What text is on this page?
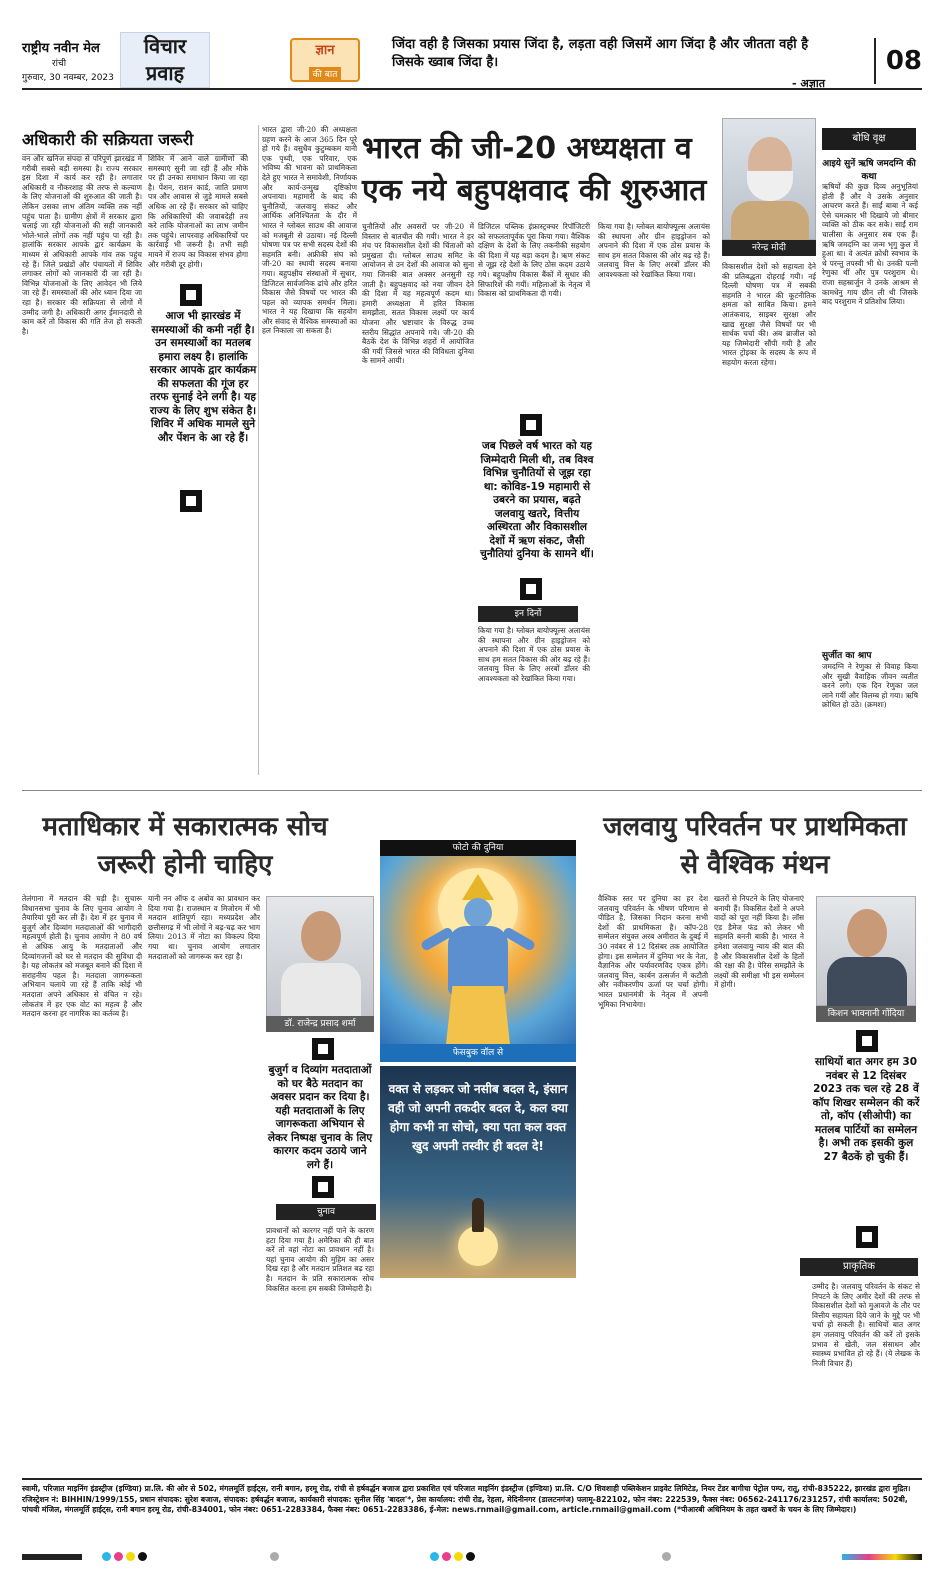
राष्ट्रीय नवीन मेल
रांची
गुरुवार, 30 नवम्बर, 2023
विचार
प्रवाह
ज्ञान
की बात
जिंदा वही है जिसका प्रयास जिंदा है, लड़ता वही जिसमें आग जिंदा है और जीतता वही है जिसके ख्वाब जिंदा है।
- अज्ञात
08
अधिकारी की सक्रियता जरूरी
वन और खनिज संपदा से परिपूर्ण झारखंड में गरीबी सबसे बड़ी समस्या है। राज्य सरकार इस दिशा में कार्य कर रही है। लगातार अधिकारी व नौकरशाह की तरफ से कल्याण के लिए योजनाओं की शुरुआत की जाती है। लेकिन उसका लाभ अंतिम व्यक्ति तक नहीं पहुंच पाता है। ग्रामीण क्षेत्रों में सरकार द्वारा चलाई जा रही योजनाओं की सही जानकारी भोले-भाले लोगों तक नहीं पहुंच पा रही है। हालांकि सरकार आपके द्वार कार्यक्रम के माध्यम से अधिकारी आपके गांव तक पहुंच रहे हैं। जिले प्रखंडों और पंचायतों में शिविर लगाकर लोगों को जानकारी दी जा रही है। विभिन्न योजनाओं के लिए आवेदन भी लिये जा रहे हैं। समस्याओं की ओर ध्यान दिया जा रहा है। सरकार की सक्रियता से लोगों में उम्मीद जगी है। अधिकारी अगर ईमानदारी से काम करें तो विकास की गति तेज हो सकती है।
शिविर में आने वाले ग्रामीणों की समस्याएं सुनी जा रही हैं और मौके पर ही उनका समाधान किया जा रहा है। पेंशन, राशन कार्ड, जाति प्रमाण पत्र और आवास से जुड़े मामले सबसे अधिक आ रहे हैं। सरकार को चाहिए कि अधिकारियों की जवाबदेही तय करे ताकि योजनाओं का लाभ जमीन तक पहुंचे। लापरवाह अधिकारियों पर कार्रवाई भी जरूरी है। तभी सही मायने में राज्य का विकास संभव होगा और गरीबी दूर होगी।
आज भी झारखंड में समस्याओं की कमी नहीं है। उन समस्याओं का मतलब हमारा लक्ष्य है। हालांकि सरकार आपके द्वार कार्यक्रम की सफलता की गूंज हर तरफ सुनाई देने लगी है। यह राज्य के लिए शुभ संकेत है। शिविर में अधिक मामले सुने और पेंशन के आ रहे हैं।
भारत द्वारा जी-20 की अध्यक्षता ग्रहण करने के आज 365 दिन पूरे हो गये हैं। वसुधैव कुटुम्बकम यानी एक पृथ्वी, एक परिवार, एक भविष्य की भावना को प्राथमिकता देते हुए भारत ने समावेशी, निर्णायक और कार्य-उन्मुख दृष्टिकोण अपनाया। महामारी के बाद की चुनौतियों, जलवायु संकट और आर्थिक अनिश्चितता के दौर में भारत ने ग्लोबल साउथ की आवाज को मजबूती से उठाया। नई दिल्ली घोषणा पत्र पर सभी सदस्य देशों की सहमति बनी। अफ्रीकी संघ को जी-20 का स्थायी सदस्य बनाया गया। बहुपक्षीय संस्थाओं में सुधार, डिजिटल सार्वजनिक ढांचे और हरित विकास जैसे विषयों पर भारत की पहल को व्यापक समर्थन मिला। भारत ने यह दिखाया कि सहयोग और संवाद से वैश्विक समस्याओं का हल निकाला जा सकता है।
भारत की जी-20 अध्यक्षता व एक नये बहुपक्षवाद की शुरुआत
नरेन्द्र मोदी
चुनौतियों और अवसरों पर जी-20 में विस्तार से बातचीत की गयी। भारत ने हर मंच पर विकासशील देशों की चिंताओं को प्रमुखता दी। ग्लोबल साउथ समिट के आयोजन से उन देशों की आवाज को सुना गया जिनकी बात अक्सर अनसुनी रह जाती है। बहुपक्षवाद को नया जीवन देने की दिशा में यह महत्वपूर्ण कदम था। हमारी अध्यक्षता में हरित विकास समझौता, सतत विकास लक्ष्यों पर कार्य योजना और भ्रष्टाचार के विरुद्ध उच्च स्तरीय सिद्धांत अपनाये गये। जी-20 की बैठकें देश के विभिन्न शहरों में आयोजित की गयीं जिससे भारत की विविधता दुनिया के सामने आयी।
डिजिटल पब्लिक इंफ्रास्ट्रक्चर रिपॉजिटरी को सफलतापूर्वक पूरा किया गया। वैश्विक दक्षिण के देशों के लिए तकनीकी सहयोग की दिशा में यह बड़ा कदम है। ऋण संकट से जूझ रहे देशों के लिए ठोस कदम उठाये गये। बहुपक्षीय विकास बैंकों में सुधार की सिफारिशें की गयीं। महिलाओं के नेतृत्व में विकास को प्राथमिकता दी गयी।
जब पिछले वर्ष भारत को यह जिम्मेदारी मिली थी, तब विश्व विभिन्न चुनौतियों से जूझ रहा था: कोविड-19 महामारी से उबरने का प्रयास, बढ़ते जलवायु खतरे, वित्तीय अस्थिरता और विकासशील देशों में ऋण संकट, जैसी चुनौतियां दुनिया के सामने थीं।
इन दिनों
किया गया है। ग्लोबल बायोफ्यूल्स अलायंस की स्थापना और ग्रीन हाइड्रोजन को अपनाने की दिशा में एक ठोस प्रयास के साथ हम सतत विकास की ओर बढ़ रहे हैं। जलवायु वित्त के लिए अरबों डॉलर की आवश्यकता को रेखांकित किया गया।
किया गया है। ग्लोबल बायोफ्यूल्स अलायंस की स्थापना और ग्रीन हाइड्रोजन को अपनाने की दिशा में एक ठोस प्रयास के साथ हम सतत विकास की ओर बढ़ रहे हैं। जलवायु वित्त के लिए अरबों डॉलर की आवश्यकता को रेखांकित किया गया।
विकासशील देशों को सहायता देने की प्रतिबद्धता दोहराई गयी। नई दिल्ली घोषणा पत्र में सबकी सहमति ने भारत की कूटनीतिक क्षमता को साबित किया। हमने आतंकवाद, साइबर सुरक्षा और खाद्य सुरक्षा जैसे विषयों पर भी सार्थक चर्चा की। अब ब्राजील को यह जिम्मेदारी सौंपी गयी है और भारत ट्रोइका के सदस्य के रूप में सहयोग करता रहेगा।
बोधि वृक्ष
आइये सुनें ऋषि जमदग्नि की कथा
ऋषियों की कुछ दिव्य अनुभूतियां होती हैं और वे उसके अनुसार आचरण करते हैं। साईं बाबा ने कई ऐसे चमत्कार भी दिखाये जो बीमार व्यक्ति को ठीक कर सके। साईं राम चालीसा के अनुसार सब एक हैं। ऋषि जमदग्नि का जन्म भृगु कुल में हुआ था। वे अत्यंत क्रोधी स्वभाव के थे परन्तु तपस्वी भी थे। उनकी पत्नी रेणुका थीं और पुत्र परशुराम थे। राजा सहस्रार्जुन ने उनके आश्रम से कामधेनु गाय छीन ली थी जिसके बाद परशुराम ने प्रतिशोध लिया।
सुर्जीत का श्राप
जमदग्नि ने रेणुका से विवाह किया और सुखी वैवाहिक जीवन व्यतीत करने लगे। एक दिन रेणुका जल लाने गयीं और विलम्ब हो गया। ऋषि क्रोधित हो उठे। (क्रमशः)
मताधिकार में सकारात्मक सोच जरूरी होनी चाहिए
तेलंगाना में मतदान की घड़ी है। सुचारू विधानसभा चुनाव के लिए चुनाव आयोग ने तैयारियां पूरी कर ली हैं। देश में हर चुनाव में बुजुर्ग और दिव्यांग मतदाताओं की भागीदारी महत्वपूर्ण होती है। चुनाव आयोग ने 80 वर्ष से अधिक आयु के मतदाताओं और दिव्यांगजनों को घर से मतदान की सुविधा दी है। यह लोकतंत्र को मजबूत बनाने की दिशा में सराहनीय पहल है। मतदाता जागरूकता अभियान चलाये जा रहे हैं ताकि कोई भी मतदाता अपने अधिकार से वंचित न रहे। लोकतंत्र में हर एक वोट का महत्व है और मतदान करना हर नागरिक का कर्तव्य है।
यानी नन ऑफ द अबोव का प्रावधान कर दिया गया है। राजस्थान व मिजोरम में भी मतदान शांतिपूर्ण रहा। मध्यप्रदेश और छत्तीसगढ़ में भी लोगों ने बढ़-चढ़ कर भाग लिया। 2013 में नोटा का विकल्प दिया गया था। चुनाव आयोग लगातार मतदाताओं को जागरूक कर रहा है।
डॉ. राजेन्द्र प्रसाद शर्मा
बुजुर्ग व दिव्यांग मतदाताओं को घर बैठे मतदान का अवसर प्रदान कर दिया है। यही मतदाताओं के लिए जागरूकता अभियान से लेकर निष्पक्ष चुनाव के लिए कारगर कदम उठाये जाने लगे हैं।
चुनाव
प्रावधानों को कारगर नहीं पाने के कारण हटा दिया गया है। अमेरिका की ही बात करें तो वहां नोटा का प्रावधान नहीं है। यहां चुनाव आयोग की मुहिम का असर दिख रहा है और मतदान प्रतिशत बढ़ रहा है। मतदान के प्रति सकारात्मक सोच विकसित करना हम सबकी जिम्मेदारी है।
फोटो की दुनिया
फेसबुक वॉल से
वक्त से लड़कर जो नसीब बदल दे, इंसान वही जो अपनी तकदीर बदल दे, कल क्या होगा कभी ना सोचो, क्या पता कल वक्त खुद अपनी तस्वीर ही बदल दे!
जलवायु परिवर्तन पर प्राथमिकता से वैश्विक मंथन
वैश्विक स्तर पर दुनिया का हर देश जलवायु परिवर्तन के भीषण परिणाम से पीड़ित है, जिसका निदान करना सभी देशों की प्राथमिकता है। कॉप-28 सम्मेलन संयुक्त अरब अमीरात के दुबई में 30 नवंबर से 12 दिसंबर तक आयोजित होगा। इस सम्मेलन में दुनिया भर के नेता, वैज्ञानिक और पर्यावरणविद एकत्र होंगे। जलवायु वित्त, कार्बन उत्सर्जन में कटौती और नवीकरणीय ऊर्जा पर चर्चा होगी। भारत प्रधानमंत्री के नेतृत्व में अपनी भूमिका निभायेगा।
खतरों से निपटने के लिए योजनाएं बनायी हैं। विकसित देशों ने अपने वादों को पूरा नहीं किया है। लॉस एंड डैमेज फंड को लेकर भी सहमति बननी बाकी है। भारत ने हमेशा जलवायु न्याय की बात की है और विकासशील देशों के हितों की रक्षा की है। पेरिस समझौते के लक्ष्यों की समीक्षा भी इस सम्मेलन में होगी।
किशन भावनानी गोंदिया
साथियों बात अगर हम 30 नवंबर से 12 दिसंबर 2023 तक चल रहे 28 वें कॉप शिखर सम्मेलन की करें तो, कॉप (सीओपी) का मतलब पार्टियों का सम्मेलन है। अभी तक इसकी कुल 27 बैठकें हो चुकी हैं।
प्राकृतिक
उम्मीद है। जलवायु परिवर्तन के संकट से निपटने के लिए अमीर देशों की तरफ से विकासशील देशों को मुआवजे के तौर पर वित्तीय सहायता दिये जाने के मुद्दे पर भी चर्चा हो सकती है। साथियों बात अगर हम जलवायु परिवर्तन की करें तो इसके प्रभाव से खेती, जल संसाधन और स्वास्थ्य प्रभावित हो रहे हैं। (ये लेखक के निजी विचार हैं)
स्वामी, परिजात माइनिंग इंडस्ट्रीज (इण्डिया) प्रा.लि. की ओर से 502, मंगलमूर्ति हाईट्स, रानी बगान, हरमू रोड, रांची से हर्षवर्द्धन बजाज द्वारा प्रकाशित एवं परिजात माइनिंग इंडस्ट्रीज (इण्डिया) प्रा.लि. C/O शिवशाही पब्लिकेशन प्राइवेट लिमिटेड, नियर टेंडर बागीचा पेट्रोल पम्प, रातू, रांची-835222, झारखंड द्वारा मुद्रित। रजिस्ट्रेशन नं: BIHHIN/1999/155, प्रधान संपादक: सुरेश बजाज, संपादक: हर्षवर्द्धन बजाज, कार्यकारी संपादक: सुनील सिंह 'बादल'*, प्रेस कार्यालय: रांची रोड, रेहला, मेदिनीनगर (डालटनगंज) पलामू-822102, फोन नंबर: 222539, फैक्स नंबर: 06562-241176/231257, रांची कार्यालय: 502बी, पांचवी मंजिल, मंगलमूर्ति हाईट्स, रानी बगान हरमू रोड, रांची-834001, फोन नंबर: 0651-2283384, फैक्स नंबर: 0651-2283386, ई-मेल: news.rnmail@gmail.com, article.rnmail@gmail.com (*पीआरबी अधिनियम के तहत खबरों के चयन के लिए जिम्मेदार।)
